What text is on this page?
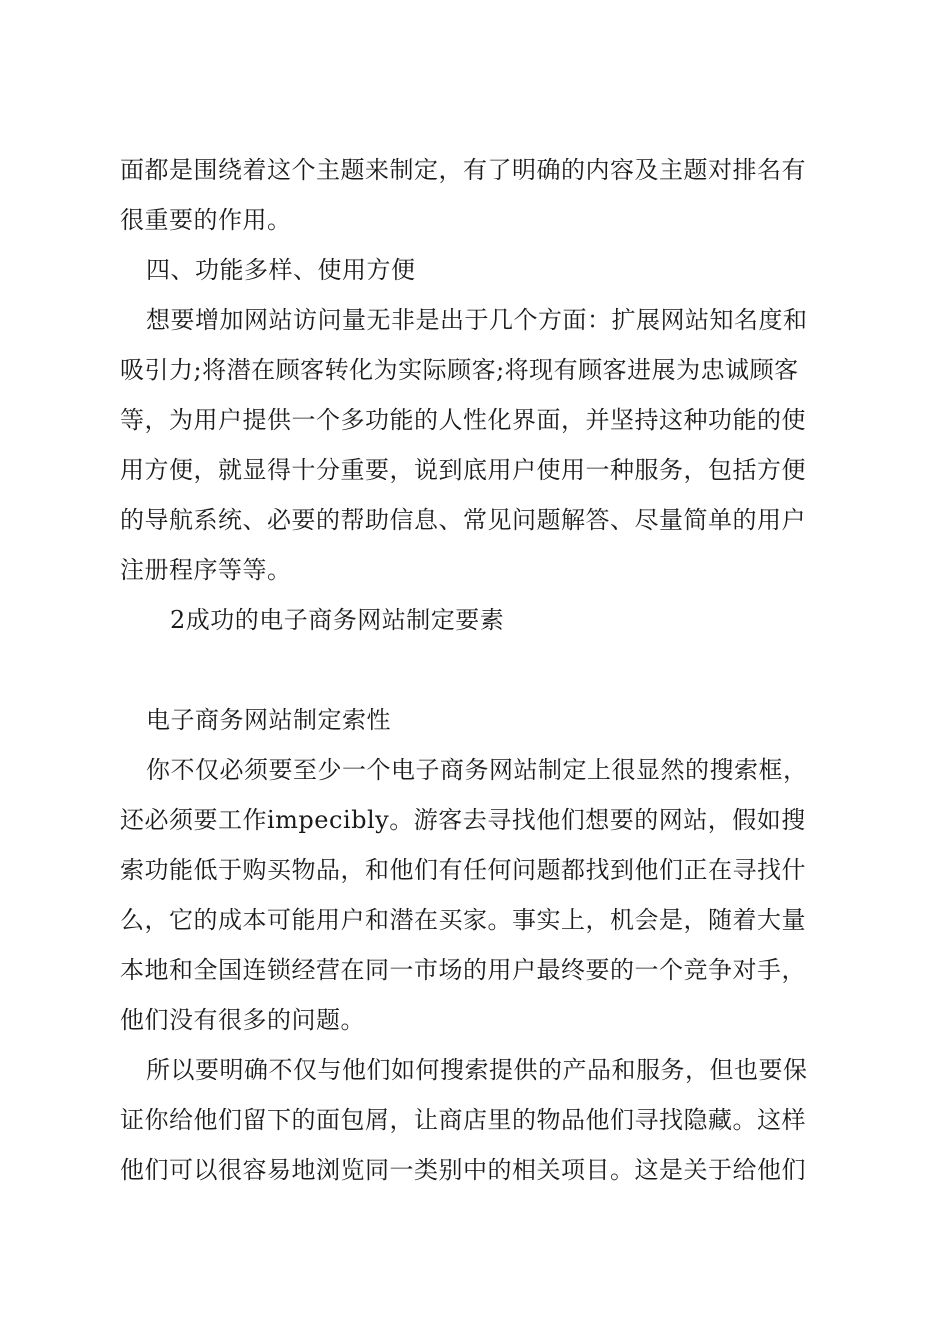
面都是围绕着这个主题来制定，有了明确的内容及主题对排名有
很重要的作用。
四、功能多样、使用方便
想要增加网站访问量无非是出于几个方面：扩展网站知名度和
吸引力;将潜在顾客转化为实际顾客;将现有顾客进展为忠诚顾客
等，为用户提供一个多功能的人性化界面，并坚持这种功能的使
用方便，就显得十分重要，说到底用户使用一种服务，包括方便
的导航系统、必要的帮助信息、常见问题解答、尽量简单的用户
注册程序等等。
2成功的电子商务网站制定要素
电子商务网站制定索性
你不仅必须要至少一个电子商务网站制定上很显然的搜索框，
还必须要工作impecibly。游客去寻找他们想要的网站，假如搜
索功能低于购买物品，和他们有任何问题都找到他们正在寻找什
么，它的成本可能用户和潜在买家。事实上，机会是，随着大量
本地和全国连锁经营在同一市场的用户最终要的一个竞争对手，
他们没有很多的问题。
所以要明确不仅与他们如何搜索提供的产品和服务，但也要保
证你给他们留下的面包屑，让商店里的物品他们寻找隐藏。这样
他们可以很容易地浏览同一类别中的相关项目。这是关于给他们
